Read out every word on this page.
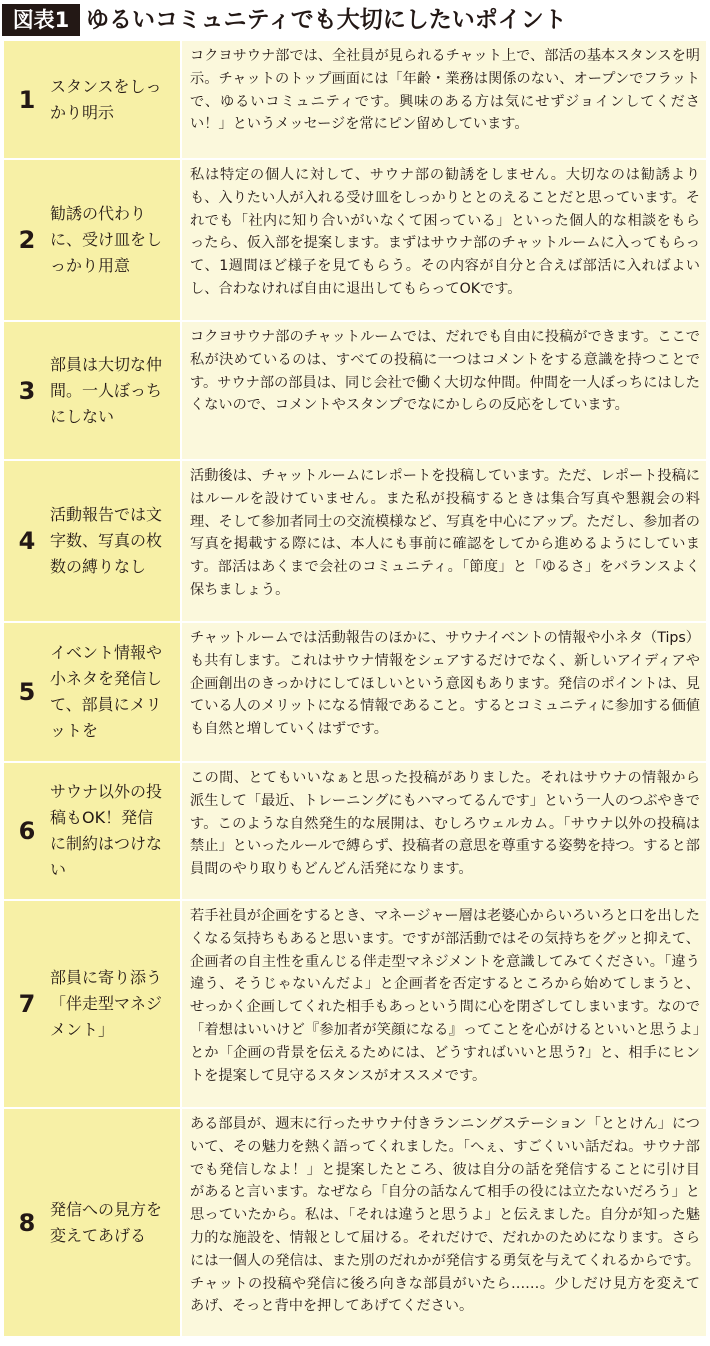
図表1 ゆるいコミュニティでも大切にしたいポイント
1 スタンスをしっかり明示
コクヨサウナ部では、全社員が見られるチャット上で、部活の基本スタンスを明示。チャットのトップ画面には「年齢・業務は関係のない、オープンでフラットで、ゆるいコミュニティです。興味のある方は気にせずジョインしてください！」というメッセージを常にピン留めしています。
2
勧誘の代わりに、受け皿をしっかり用意
私は特定の個人に対して、サウナ部の勧誘をしません。大切なのは勧誘よりも、入りたい人が入れる受け皿をしっかりととのえることだと思っています。それでも「社内に知り合いがいなくて困っている」といった個人的な相談をもらったら、仮入部を提案します。まずはサウナ部のチャットルームに入ってもらって、1週間ほど様子を見てもらう。その内容が自分と合えば部活に入ればよいし、合わなければ自由に退出してもらってOKです。
3
部員は大切な仲間。一人ぼっちにしない
コクヨサウナ部のチャットルームでは、だれでも自由に投稿ができます。ここで私が決めているのは、すべての投稿に一つはコメントをする意識を持つことです。サウナ部の部員は、同じ会社で働く大切な仲間。仲間を一人ぼっちにはしたくないので、コメントやスタンプでなにかしらの反応をしています。
4
活動報告では文字数、写真の枚数の縛りなし
活動後は、チャットルームにレポートを投稿しています。ただ、レポート投稿にはルールを設けていません。また私が投稿するときは集合写真や懇親会の料理、そして参加者同士の交流模様など、写真を中心にアップ。ただし、参加者の写真を掲載する際には、本人にも事前に確認をしてから進めるようにしています。部活はあくまで会社のコミュニティ。「節度」と「ゆるさ」をバランスよく保ちましょう。
5
イベント情報や小ネタを発信して、部員にメリットを
チャットルームでは活動報告のほかに、サウナイベントの情報や小ネタ（Tips）も共有します。これはサウナ情報をシェアするだけでなく、新しいアイディアや企画創出のきっかけにしてほしいという意図もあります。発信のポイントは、見ている人のメリットになる情報であること。するとコミュニティに参加する価値も自然と増していくはずです。
6
サウナ以外の投稿もOK！発信に制約はつけない
この間、とてもいいなぁと思った投稿がありました。それはサウナの情報から派生して「最近、トレーニングにもハマってるんです」という一人のつぶやきです。このような自然発生的な展開は、むしろウェルカム。「サウナ以外の投稿は禁止」といったルールで縛らず、投稿者の意思を尊重する姿勢を持つ。すると部員間のやり取りもどんどん活発になります。
7
部員に寄り添う「伴走型マネジメント」
若手社員が企画をするとき、マネージャー層は老婆心からいろいろと口を出したくなる気持ちもあると思います。ですが部活動ではその気持ちをグッと抑えて、企画者の自主性を重んじる伴走型マネジメントを意識してみてください。「違う違う、そうじゃないんだよ」と企画者を否定するところから始めてしまうと、せっかく企画してくれた相手もあっという間に心を閉ざしてしまいます。なので「着想はいいけど『参加者が笑顔になる』ってことを心がけるといいと思うよ」とか「企画の背景を伝えるためには、どうすればいいと思う?」と、相手にヒントを提案して見守るスタンスがオススメです。
8 発信への見方を変えてあげる
ある部員が、週末に行ったサウナ付きランニングステーション「ととけん」について、その魅力を熱く語ってくれました。「へぇ、すごくいい話だね。サウナ部でも発信しなよ！」と提案したところ、彼は自分の話を発信することに引け目があると言います。なぜなら「自分の話なんて相手の役には立たないだろう」と思っていたから。私は、「それは違うと思うよ」と伝えました。自分が知った魅力的な施設を、情報として届ける。それだけで、だれかのためになります。さらには一個人の発信は、また別のだれかが発信する勇気を与えてくれるからです。チャットの投稿や発信に後ろ向きな部員がいたら……。少しだけ見方を変えてあげ、そっと背中を押してあげてください。
